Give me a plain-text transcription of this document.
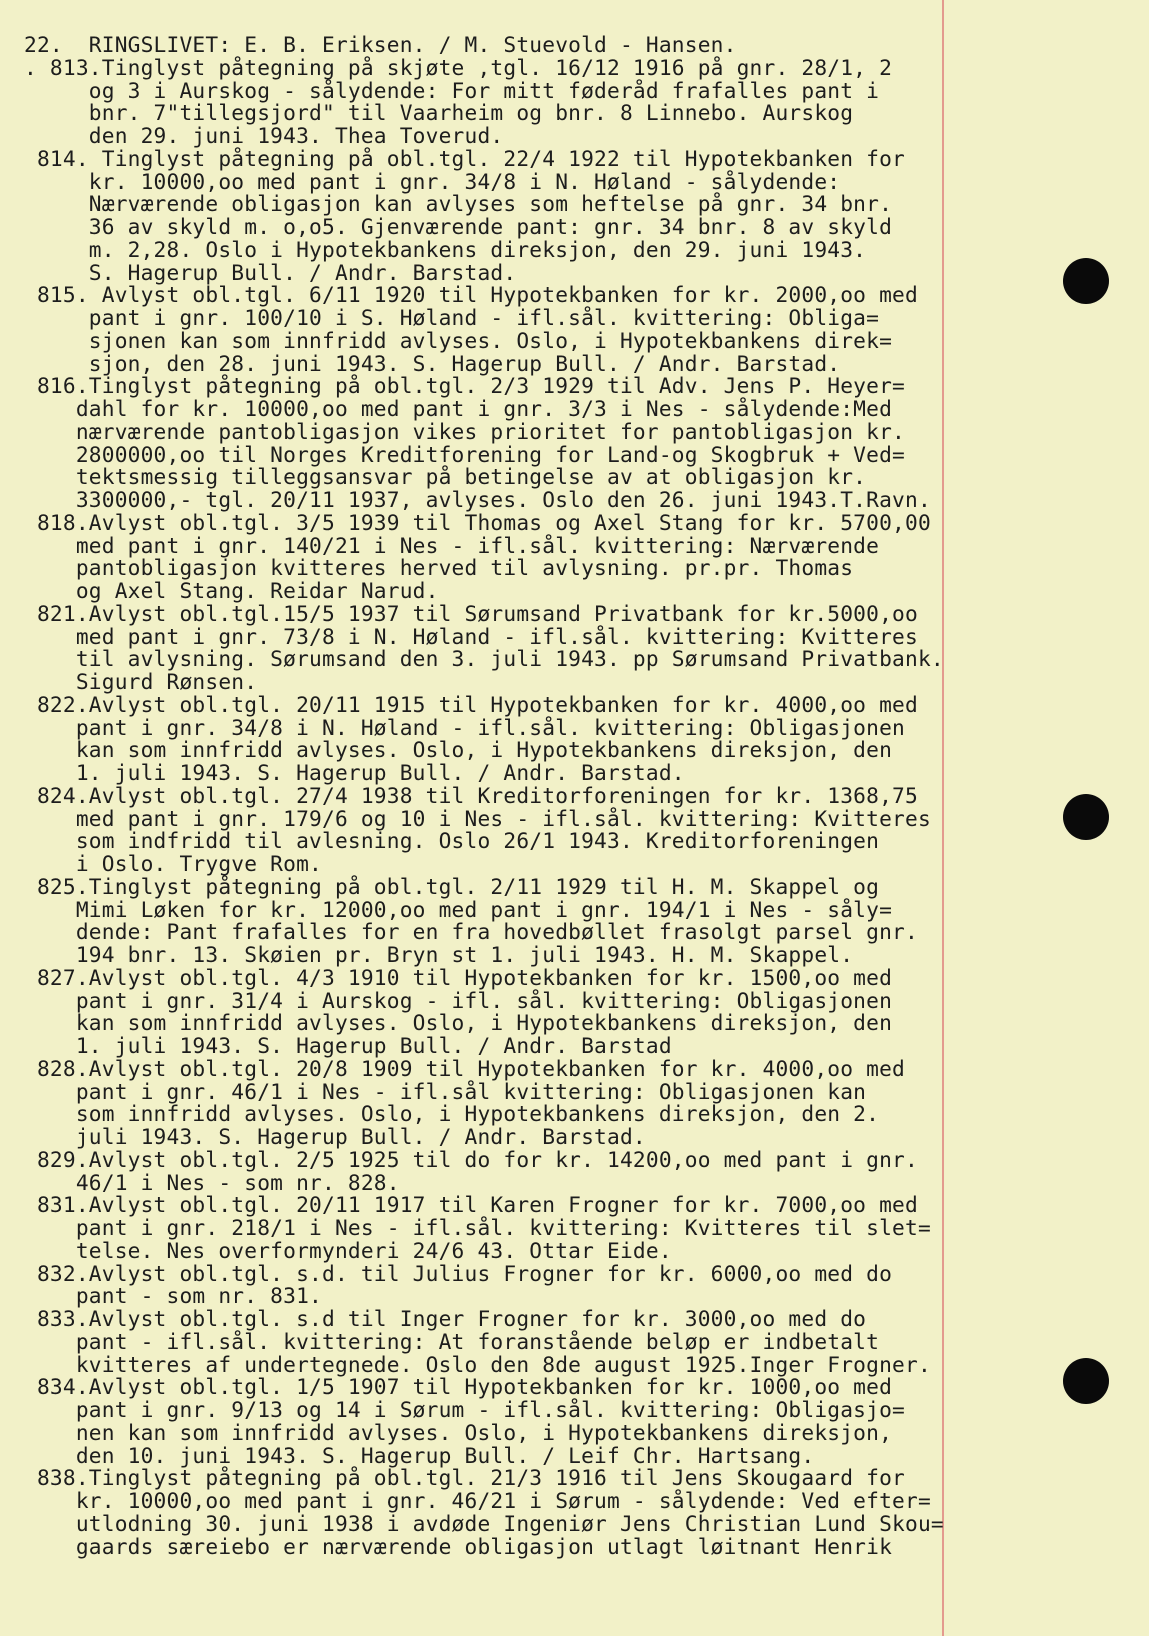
22.  RINGSLIVET: E. B. Eriksen. / M. Stuevold - Hansen.
. 813.Tinglyst påtegning på skjøte ,tgl. 16/12 1916 på gnr. 28/1, 2
og 3 i Aurskog - sålydende: For mitt føderåd frafalles pant i
bnr. 7"tillegsjord" til Vaarheim og bnr. 8 Linnebo. Aurskog
den 29. juni 1943. Thea Toverud.
814. Tinglyst påtegning på obl.tgl. 22/4 1922 til Hypotekbanken for
kr. 10000,oo med pant i gnr. 34/8 i N. Høland - sålydende:
Nærværende obligasjon kan avlyses som heftelse på gnr. 34 bnr.
36 av skyld m. o,o5. Gjenværende pant: gnr. 34 bnr. 8 av skyld
m. 2,28. Oslo i Hypotekbankens direksjon, den 29. juni 1943.
S. Hagerup Bull. / Andr. Barstad.
815. Avlyst obl.tgl. 6/11 1920 til Hypotekbanken for kr. 2000,oo med
pant i gnr. 100/10 i S. Høland - ifl.sål. kvittering: Obliga=
sjonen kan som innfridd avlyses. Oslo, i Hypotekbankens direk=
sjon, den 28. juni 1943. S. Hagerup Bull. / Andr. Barstad.
816.Tinglyst påtegning på obl.tgl. 2/3 1929 til Adv. Jens P. Heyer=
dahl for kr. 10000,oo med pant i gnr. 3/3 i Nes - sålydende:Med
nærværende pantobligasjon vikes prioritet for pantobligasjon kr.
2800000,oo til Norges Kreditforening for Land-og Skogbruk + Ved=
tektsmessig tilleggsansvar på betingelse av at obligasjon kr.
3300000,- tgl. 20/11 1937, avlyses. Oslo den 26. juni 1943.T.Ravn.
818.Avlyst obl.tgl. 3/5 1939 til Thomas og Axel Stang for kr. 5700,00
med pant i gnr. 140/21 i Nes - ifl.sål. kvittering: Nærværende
pantobligasjon kvitteres herved til avlysning. pr.pr. Thomas
og Axel Stang. Reidar Narud.
821.Avlyst obl.tgl.15/5 1937 til Sørumsand Privatbank for kr.5000,oo
med pant i gnr. 73/8 i N. Høland - ifl.sål. kvittering: Kvitteres
til avlysning. Sørumsand den 3. juli 1943. pp Sørumsand Privatbank.
Sigurd Rønsen.
822.Avlyst obl.tgl. 20/11 1915 til Hypotekbanken for kr. 4000,oo med
pant i gnr. 34/8 i N. Høland - ifl.sål. kvittering: Obligasjonen
kan som innfridd avlyses. Oslo, i Hypotekbankens direksjon, den
1. juli 1943. S. Hagerup Bull. / Andr. Barstad.
824.Avlyst obl.tgl. 27/4 1938 til Kreditorforeningen for kr. 1368,75
med pant i gnr. 179/6 og 10 i Nes - ifl.sål. kvittering: Kvitteres
som indfridd til avlesning. Oslo 26/1 1943. Kreditorforeningen
i Oslo. Trygve Rom.
825.Tinglyst påtegning på obl.tgl. 2/11 1929 til H. M. Skappel og
Mimi Løken for kr. 12000,oo med pant i gnr. 194/1 i Nes - såly=
dende: Pant frafalles for en fra hovedbøllet frasolgt parsel gnr.
194 bnr. 13. Skøien pr. Bryn st 1. juli 1943. H. M. Skappel.
827.Avlyst obl.tgl. 4/3 1910 til Hypotekbanken for kr. 1500,oo med
pant i gnr. 31/4 i Aurskog - ifl. sål. kvittering: Obligasjonen
kan som innfridd avlyses. Oslo, i Hypotekbankens direksjon, den
1. juli 1943. S. Hagerup Bull. / Andr. Barstad
828.Avlyst obl.tgl. 20/8 1909 til Hypotekbanken for kr. 4000,oo med
pant i gnr. 46/1 i Nes - ifl.sål kvittering: Obligasjonen kan
som innfridd avlyses. Oslo, i Hypotekbankens direksjon, den 2.
juli 1943. S. Hagerup Bull. / Andr. Barstad.
829.Avlyst obl.tgl. 2/5 1925 til do for kr. 14200,oo med pant i gnr.
46/1 i Nes - som nr. 828.
831.Avlyst obl.tgl. 20/11 1917 til Karen Frogner for kr. 7000,oo med
pant i gnr. 218/1 i Nes - ifl.sål. kvittering: Kvitteres til slet=
telse. Nes overformynderi 24/6 43. Ottar Eide.
832.Avlyst obl.tgl. s.d. til Julius Frogner for kr. 6000,oo med do
pant - som nr. 831.
833.Avlyst obl.tgl. s.d til Inger Frogner for kr. 3000,oo med do
pant - ifl.sål. kvittering: At foranstående beløp er indbetalt
kvitteres af undertegnede. Oslo den 8de august 1925.Inger Frogner.
834.Avlyst obl.tgl. 1/5 1907 til Hypotekbanken for kr. 1000,oo med
pant i gnr. 9/13 og 14 i Sørum - ifl.sål. kvittering: Obligasjo=
nen kan som innfridd avlyses. Oslo, i Hypotekbankens direksjon,
den 10. juni 1943. S. Hagerup Bull. / Leif Chr. Hartsang.
838.Tinglyst påtegning på obl.tgl. 21/3 1916 til Jens Skougaard for
kr. 10000,oo med pant i gnr. 46/21 i Sørum - sålydende: Ved efter=
utlodning 30. juni 1938 i avdøde Ingeniør Jens Christian Lund Skou=
gaards særeiebo er nærværende obligasjon utlagt løitnant Henrik
